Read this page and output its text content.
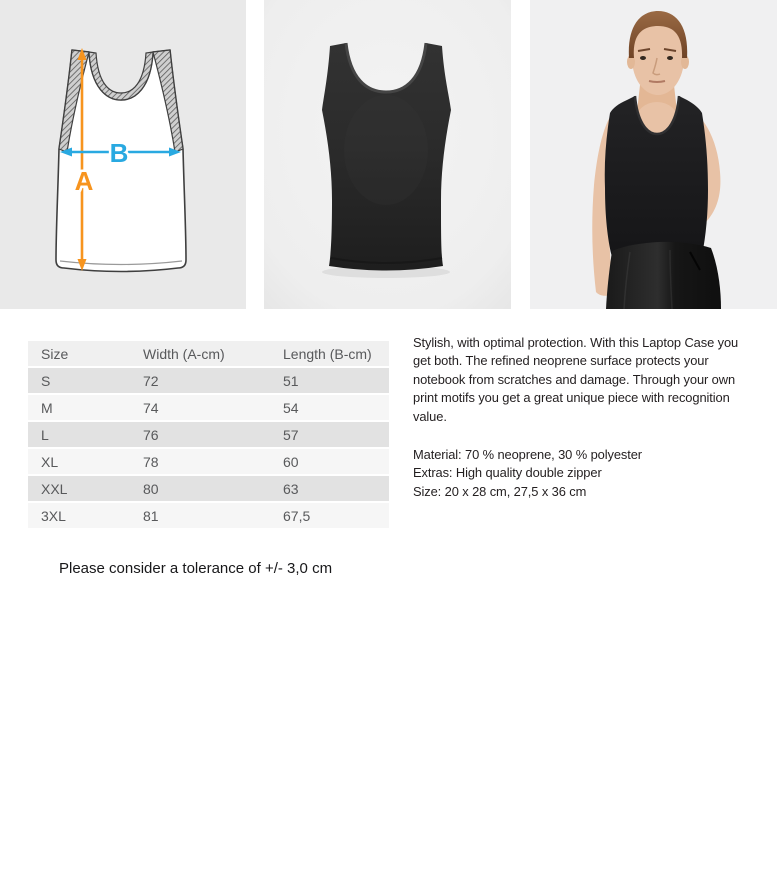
B
A
Size	Width (A-cm)	Length (B-cm)
S	72	51
M	74	54
L	76	57
XL	78	60
XXL	80	63
3XL	81	67,5
Stylish, with optimal protection. With this Laptop Case you get both. The refined neoprene surface protects your notebook from scratches and damage. Through your own print motifs you get a great unique piece with recognition value.
Material: 70 % neoprene, 30 % polyester
Extras: High quality double zipper
Size: 20 x 28 cm, 27,5 x 36 cm
Please consider a tolerance of +/- 3,0 cm
